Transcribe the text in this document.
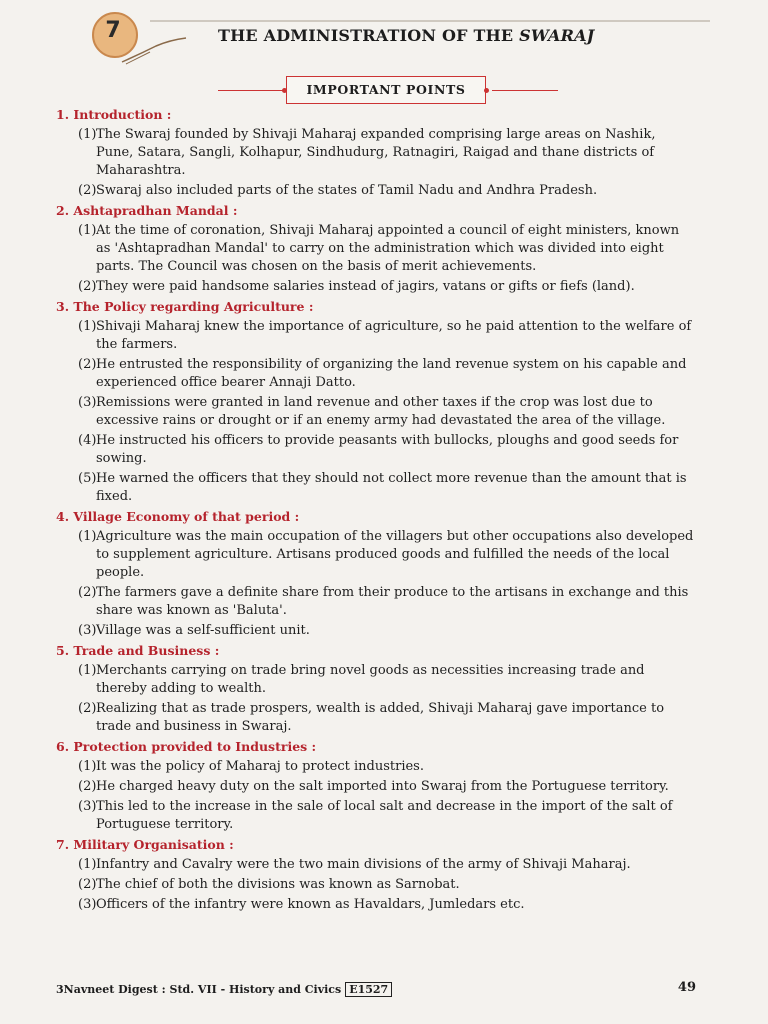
7	THE ADMINISTRATION OF THE SWARAJ
IMPORTANT POINTS
1. Introduction :
(1) The Swaraj founded by Shivaji Maharaj expanded comprising large areas on Nashik, Pune, Satara, Sangli, Kolhapur, Sindhudurg, Ratnagiri, Raigad and thane districts of Maharashtra.
(2) Swaraj also included parts of the states of Tamil Nadu and Andhra Pradesh.
2. Ashtapradhan Mandal :
(1) At the time of coronation, Shivaji Maharaj appointed a council of eight ministers, known as 'Ashtapradhan Mandal' to carry on the administration which was divided into eight parts. The Council was chosen on the basis of merit achievements.
(2) They were paid handsome salaries instead of jagirs, vatans or gifts or fiefs (land).
3. The Policy regarding Agriculture :
(1) Shivaji Maharaj knew the importance of agriculture, so he paid attention to the welfare of the farmers.
(2) He entrusted the responsibility of organizing the land revenue system on his capable and experienced office bearer Annaji Datto.
(3) Remissions were granted in land revenue and other taxes if the crop was lost due to excessive rains or drought or if an enemy army had devastated the area of the village.
(4) He instructed his officers to provide peasants with bullocks, ploughs and good seeds for sowing.
(5) He warned the officers that they should not collect more revenue than the amount that is fixed.
4. Village Economy of that period :
(1) Agriculture was the main occupation of the villagers but other occupations also developed to supplement agriculture. Artisans produced goods and fulfilled the needs of the local people.
(2) The farmers gave a definite share from their produce to the artisans in exchange and this share was known as 'Baluta'.
(3) Village was a self-sufficient unit.
5. Trade and Business :
(1) Merchants carrying on trade bring novel goods as necessities increasing trade and thereby adding to wealth.
(2) Realizing that as trade prospers, wealth is added, Shivaji Maharaj gave importance to trade and business in Swaraj.
6. Protection provided to Industries :
(1) It was the policy of Maharaj to protect industries.
(2) He charged heavy duty on the salt imported into Swaraj from the Portuguese territory.
(3) This led to the increase in the sale of local salt and decrease in the import of the salt of Portuguese territory.
7. Military Organisation :
(1) Infantry and Cavalry were the two main divisions of the army of Shivaji Maharaj.
(2) The chief of both the divisions was known as Sarnobat.
(3) Officers of the infantry were known as Havaldars, Jumledars etc.
3Navneet Digest : Std. VII - History and Civics E1527	49
